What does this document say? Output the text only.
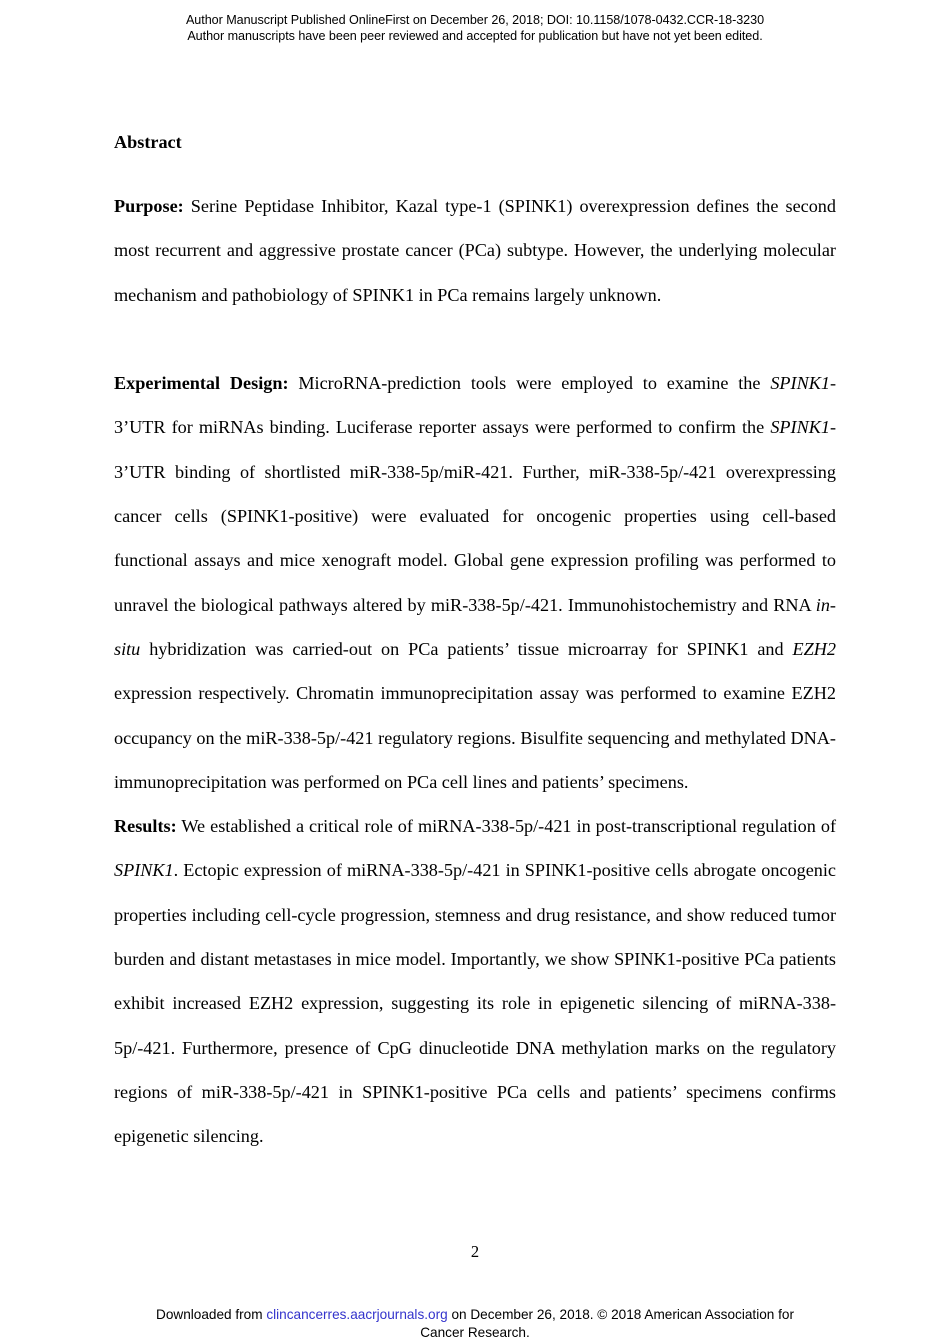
Author Manuscript Published OnlineFirst on December 26, 2018; DOI: 10.1158/1078-0432.CCR-18-3230
Author manuscripts have been peer reviewed and accepted for publication but have not yet been edited.
Abstract

Purpose: Serine Peptidase Inhibitor, Kazal type-1 (SPINK1) overexpression defines the second most recurrent and aggressive prostate cancer (PCa) subtype. However, the underlying molecular mechanism and pathobiology of SPINK1 in PCa remains largely unknown.

Experimental Design: MicroRNA-prediction tools were employed to examine the SPINK1-3’UTR for miRNAs binding. Luciferase reporter assays were performed to confirm the SPINK1-3’UTR binding of shortlisted miR-338-5p/miR-421. Further, miR-338-5p/-421 overexpressing cancer cells (SPINK1-positive) were evaluated for oncogenic properties using cell-based functional assays and mice xenograft model. Global gene expression profiling was performed to unravel the biological pathways altered by miR-338-5p/-421. Immunohistochemistry and RNA in-situ hybridization was carried-out on PCa patients’ tissue microarray for SPINK1 and EZH2 expression respectively. Chromatin immunoprecipitation assay was performed to examine EZH2 occupancy on the miR-338-5p/-421 regulatory regions. Bisulfite sequencing and methylated DNA-immunoprecipitation was performed on PCa cell lines and patients’ specimens.

Results: We established a critical role of miRNA-338-5p/-421 in post-transcriptional regulation of SPINK1. Ectopic expression of miRNA-338-5p/-421 in SPINK1-positive cells abrogate oncogenic properties including cell-cycle progression, stemness and drug resistance, and show reduced tumor burden and distant metastases in mice model. Importantly, we show SPINK1-positive PCa patients exhibit increased EZH2 expression, suggesting its role in epigenetic silencing of miRNA-338-5p/-421. Furthermore, presence of CpG dinucleotide DNA methylation marks on the regulatory regions of miR-338-5p/-421 in SPINK1-positive PCa cells and patients’ specimens confirms epigenetic silencing.

2
Downloaded from clincancerres.aacrjournals.org on December 26, 2018. © 2018 American Association for
Cancer Research.
